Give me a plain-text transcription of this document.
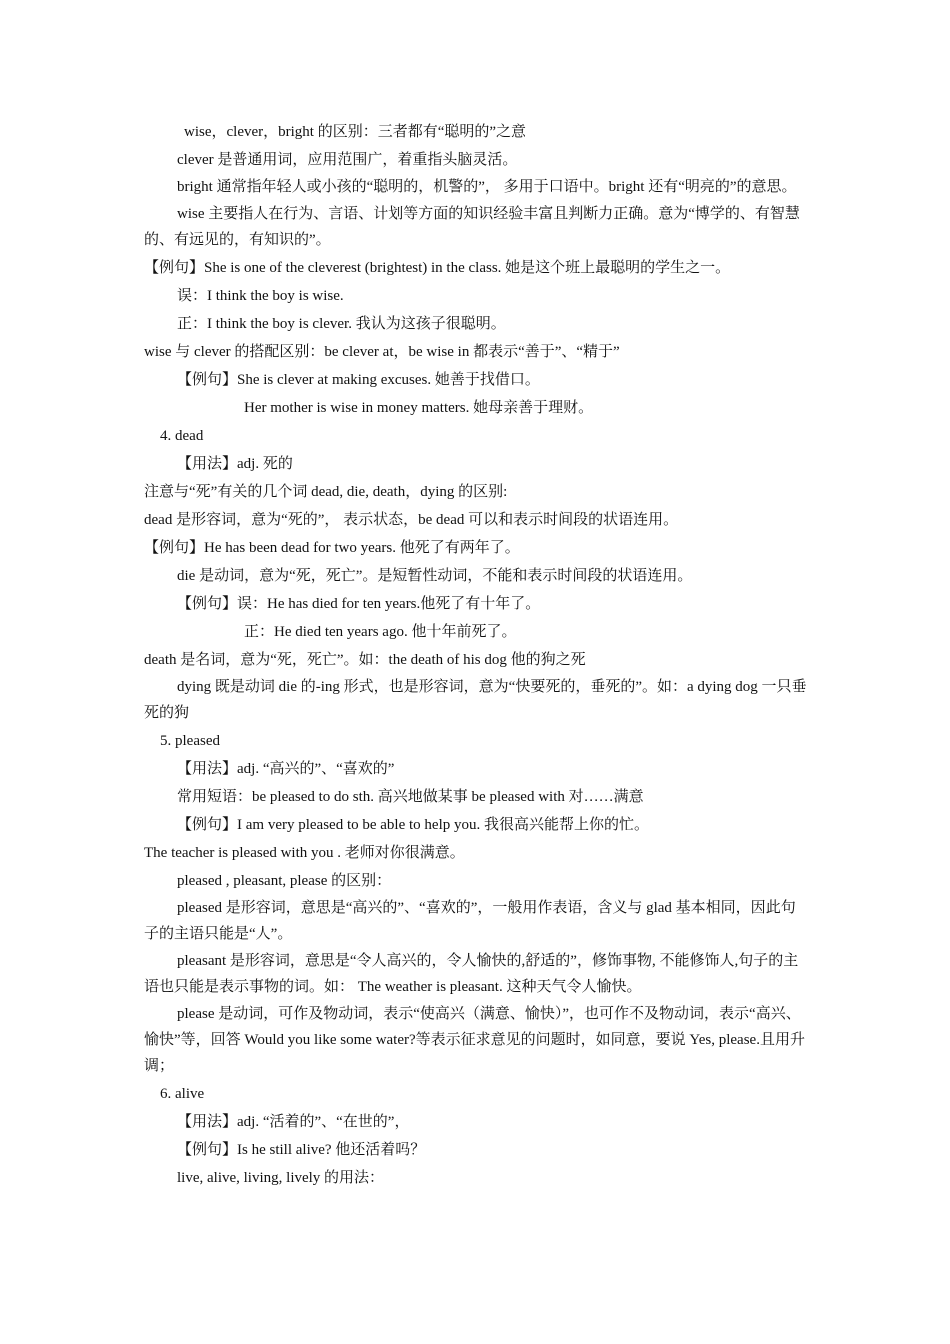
wise，clever，bright 的区别：三者都有“聪明的”之意

clever 是普通用词，应用范围广，着重指头脑灵活。

bright 通常指年轻人或小孩的“聪明的，机警的”， 多用于口语中。bright 还有“明亮的”的意思。

wise 主要指人在行为、言语、计划等方面的知识经验丰富且判断力正确。意为“博学的、有智慧的、有远见的，有知识的”。

【例句】She is one of the cleverest (brightest) in the class. 她是这个班上最聪明的学生之一。

误：I think the boy is wise.

正：I think the boy is clever. 我认为这孩子很聪明。

wise 与 clever 的搭配区别：be clever at，be wise in 都表示“善于”、“精于”

【例句】She is clever at making excuses. 她善于找借口。

Her mother is wise in money matters. 她母亲善于理财。

4. dead

【用法】adj. 死的

注意与“死”有关的几个词 dead, die, death，dying 的区别:

dead 是形容词，意为“死的”， 表示状态，be dead 可以和表示时间段的状语连用。

【例句】He has been dead for two years. 他死了有两年了。

die 是动词，意为“死，死亡”。是短暂性动词，不能和表示时间段的状语连用。

【例句】误：He has died for ten years.他死了有十年了。

正：He died ten years ago. 他十年前死了。

death 是名词，意为“死，死亡”。如：the death of his dog 他的狗之死

dying 既是动词 die 的-ing 形式，也是形容词，意为“快要死的，垂死的”。如：a dying dog 一只垂死的狗

5. pleased

【用法】adj. “高兴的”、“喜欢的”

常用短语：be pleased to do sth. 高兴地做某事 be pleased with 对……满意

【例句】I am very pleased to be able to help you. 我很高兴能帮上你的忙。

The teacher is pleased with you . 老师对你很满意。

pleased , pleasant, please 的区别：

pleased 是形容词，意思是“高兴的”、“喜欢的”，一般用作表语，含义与 glad 基本相同，因此句子的主语只能是“人”。

pleasant 是形容词，意思是“令人高兴的，令人愉快的,舒适的”，修饰事物, 不能修饰人,句子的主语也只能是表示事物的词。如： The weather is pleasant. 这种天气令人愉快。

please 是动词，可作及物动词，表示“使高兴（满意、愉快）”，也可作不及物动词，表示“高兴、愉快”等，回答 Would you like some water?等表示征求意见的问题时，如同意，要说 Yes, please.且用升调；

6. alive

【用法】adj. “活着的”、“在世的”，

【例句】Is he still alive? 他还活着吗？

live, alive, living, lively 的用法：
